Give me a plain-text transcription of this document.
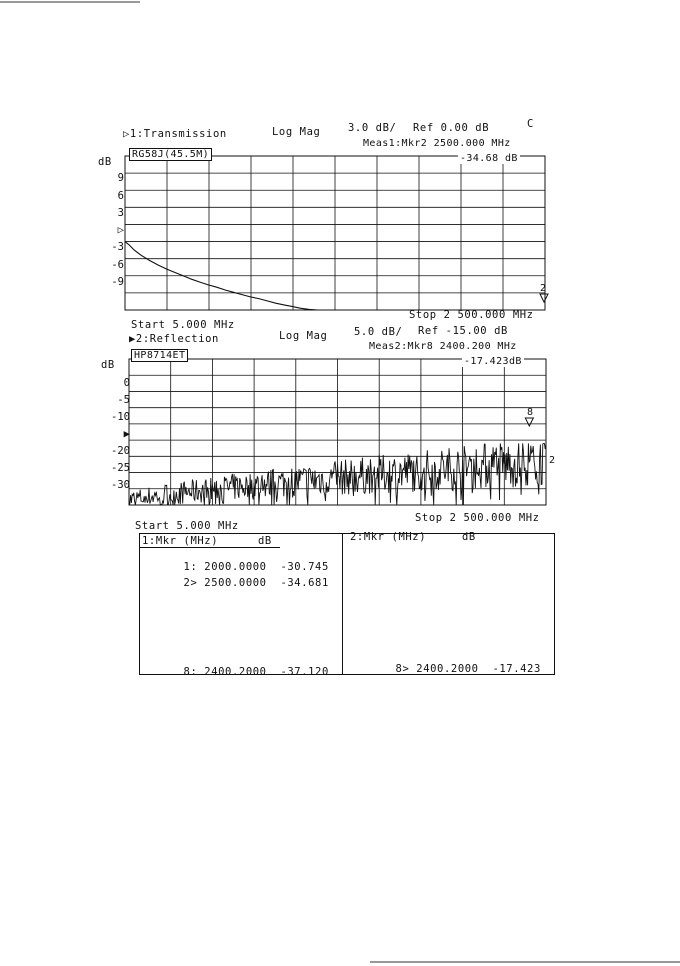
▷1:Transmission	Log Mag	3.0 dB/ Ref 0.00 dB	C
dB
9
6
3
▷
-3
-6
-9
Start 5.000 MHz
Stop 2 500.000 MHz
▶2:Reflection	Log Mag	5.0 dB/ Ref -15.00 dB
dB
0
-5
-10
▶
-20
-25
-30
Start 5.000 MHz
Stop 2 500.000 MHz
Meas1:Mkr2 2500.000 MHz
-34.68 dB
Meas2:Mkr8 2400.200 MHz
-17.423dB
RG58J(45.5M)
HP8714ET
2
8
2
1:Mkr (MHz)	dB

1: 2000.0000 -30.745

2> 2500.0000 -34.681

8: 2400.2000 -37.120

2:Mkr (MHz)	dB

8> 2400.2000 -17.423
